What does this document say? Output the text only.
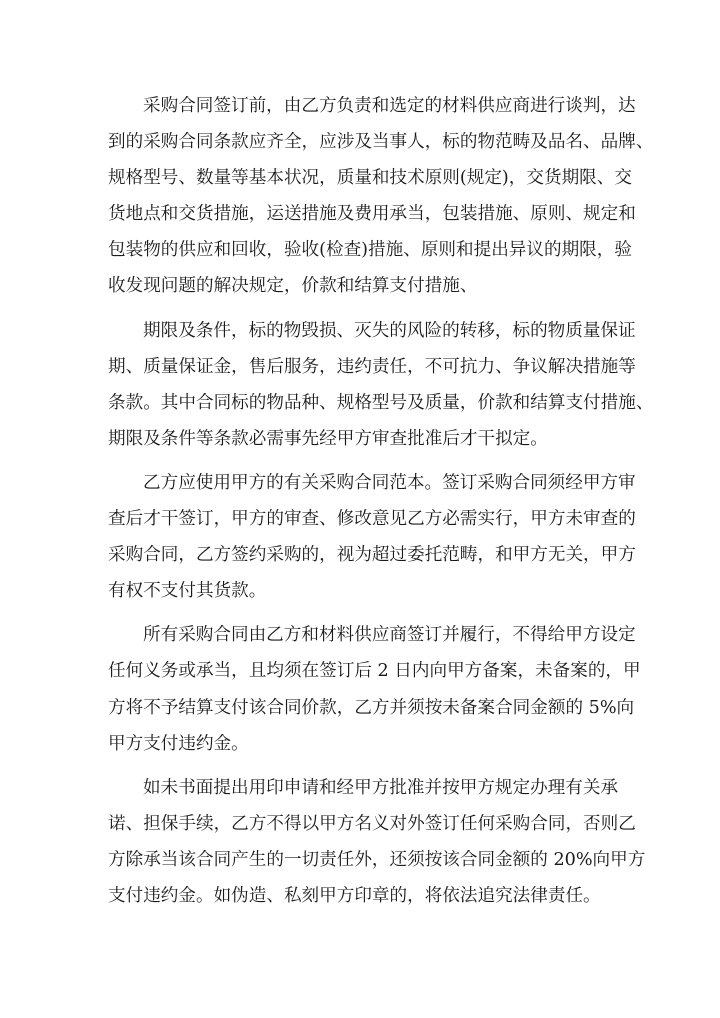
采购合同签订前，由乙方负责和选定的材料供应商进行谈判，达
到的采购合同条款应齐全，应涉及当事人，标的物范畴及品名、品牌、
规格型号、数量等基本状况，质量和技术原则(规定)，交货期限、交
货地点和交货措施，运送措施及费用承当，包装措施、原则、规定和
包装物的供应和回收，验收(检查)措施、原则和提出异议的期限，验
收发现问题的解决规定，价款和结算支付措施、
期限及条件，标的物毁损、灭失的风险的转移，标的物质量保证
期、质量保证金，售后服务，违约责任，不可抗力、争议解决措施等
条款。其中合同标的物品种、规格型号及质量，价款和结算支付措施、
期限及条件等条款必需事先经甲方审查批准后才干拟定。
乙方应使用甲方的有关采购合同范本。签订采购合同须经甲方审
查后才干签订，甲方的审查、修改意见乙方必需实行，甲方未审查的
采购合同，乙方签约采购的，视为超过委托范畴，和甲方无关，甲方
有权不支付其货款。
所有采购合同由乙方和材料供应商签订并履行，不得给甲方设定
任何义务或承当，且均须在签订后 2 日内向甲方备案，未备案的，甲
方将不予结算支付该合同价款，乙方并须按未备案合同金额的 5%向
甲方支付违约金。
如未书面提出用印申请和经甲方批准并按甲方规定办理有关承
诺、担保手续，乙方不得以甲方名义对外签订任何采购合同，否则乙
方除承当该合同产生的一切责任外，还须按该合同金额的 20%向甲方
支付违约金。如伪造、私刻甲方印章的，将依法追究法律责任。
